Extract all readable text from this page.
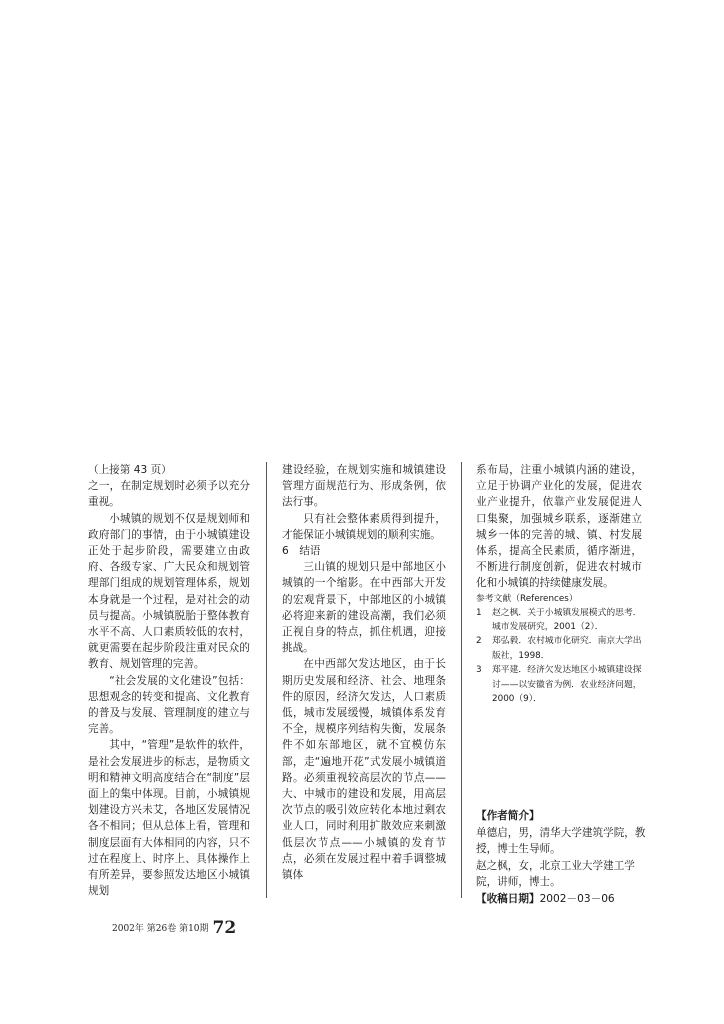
（上接第 43 页）

之一，在制定规划时必须予以充分重视。

小城镇的规划不仅是规划师和政府部门的事情，由于小城镇建设正处于起步阶段，需要建立由政府、各级专家、广大民众和规划管理部门组成的规划管理体系，规划本身就是一个过程，是对社会的动员与提高。小城镇脱胎于整体教育水平不高、人口素质较低的农村，就更需要在起步阶段注重对民众的教育、规划管理的完善。

“社会发展的文化建设”包括：思想观念的转变和提高、文化教育的普及与发展、管理制度的建立与完善。

其中，“管理”是软件的软件，是社会发展进步的标志，是物质文明和精神文明高度结合在“制度”层面上的集中体现。目前，小城镇规划建设方兴未艾，各地区发展情况各不相同；但从总体上看，管理和制度层面有大体相同的内容，只不过在程度上、时序上、具体操作上有所差异，要参照发达地区小城镇规划

建设经验，在规划实施和城镇建设管理方面规范行为、形成条例，依法行事。

只有社会整体素质得到提升，才能保证小城镇规划的顺利实施。

6　结语

三山镇的规划只是中部地区小城镇的一个缩影。在中西部大开发的宏观背景下，中部地区的小城镇必将迎来新的建设高潮，我们必须正视自身的特点，抓住机遇，迎接挑战。

在中西部欠发达地区，由于长期历史发展和经济、社会、地理条件的原因，经济欠发达，人口素质低，城市发展缓慢，城镇体系发育不全，规模序列结构失衡，发展条件不如东部地区，就不宜模仿东部，走“遍地开花”式发展小城镇道路。必须重视较高层次的节点——大、中城市的建设和发展，用高层次节点的吸引效应转化本地过剩农业人口，同时利用扩散效应来刺激低层次节点——小城镇的发育节点，必须在发展过程中着手调整城镇体

系布局，注重小城镇内涵的建设，立足于协调产业化的发展，促进农业产业提升，依靠产业发展促进人口集聚，加强城乡联系，逐渐建立城乡一体的完善的城、镇、村发展体系，提高全民素质，循序渐进，不断进行制度创新，促进农村城市化和小城镇的持续健康发展。

参考文献（References）

1	赵之枫．关于小城镇发展模式的思考．城市发展研究，2001（2）．
2	郑弘毅．农村城市化研究．南京大学出版社，1998．
3	郑平建．经济欠发达地区小城镇建设探讨——以安徽省为例．农业经济问题，2000（9）．

【作者简介】

单德启，男，清华大学建筑学院，教授，博士生导师。

赵之枫，女，北京工业大学建工学院，讲师，博士。

【收稿日期】2002－03－06

2002年 第26卷 第10期 72
